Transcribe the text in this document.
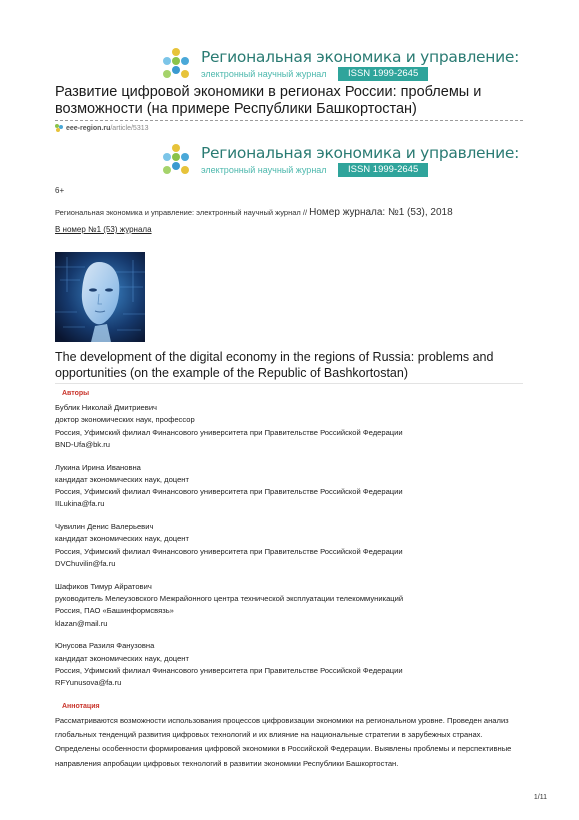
Региональная экономика и управление:
электронный научный журнал	ISSN 1999-2645
Развитие цифровой экономики в регионах России: проблемы и возможности (на примере Республики Башкортостан)
eee-region.ru /article/5313
Региональная экономика и управление:
электронный научный журнал	ISSN 1999-2645
6+
Региональная экономика и управление: электронный научный журнал // Номер журнала: №1 (53), 2018
В номер №1 (53) журнала
The development of the digital economy in the regions of Russia: problems and opportunities (on the example of the Republic of Bashkortostan)
Авторы
Бублик Николай Дмитриевич
доктор экономических наук, профессор
Россия, Уфимский филиал Финансового университета при Правительстве Российской Федерации
BND-Ufa@bk.ru
Лукина Ирина Ивановна
кандидат экономических наук, доцент
Россия, Уфимский филиал Финансового университета при Правительстве Российской Федерации
IILukina@fa.ru
Чувилин Денис Валерьевич
кандидат экономических наук, доцент
Россия, Уфимский филиал Финансового университета при Правительстве Российской Федерации
DVChuvilin@fa.ru
Шафиков Тимур Айратович
руководитель Мелеузовского Межрайонного центра технической эксплуатации телекоммуникаций
Россия, ПАО «Башинформсвязь»
klazan@mail.ru
Юнусова Разиля Фанузовна
кандидат экономических наук, доцент
Россия, Уфимский филиал Финансового университета при Правительстве Российской Федерации
RFYunusova@fa.ru
Аннотация
Рассматриваются возможности использования процессов цифровизации экономики на региональном уровне. Проведен анализ глобальных тенденций развития цифровых технологий и их влияние на национальные стратегии в зарубежных странах. Определены особенности формирования цифровой экономики в Российской Федерации. Выявлены проблемы и перспективные направления апробации цифровых технологий в развитии экономики Республики Башкортостан.
1/11
